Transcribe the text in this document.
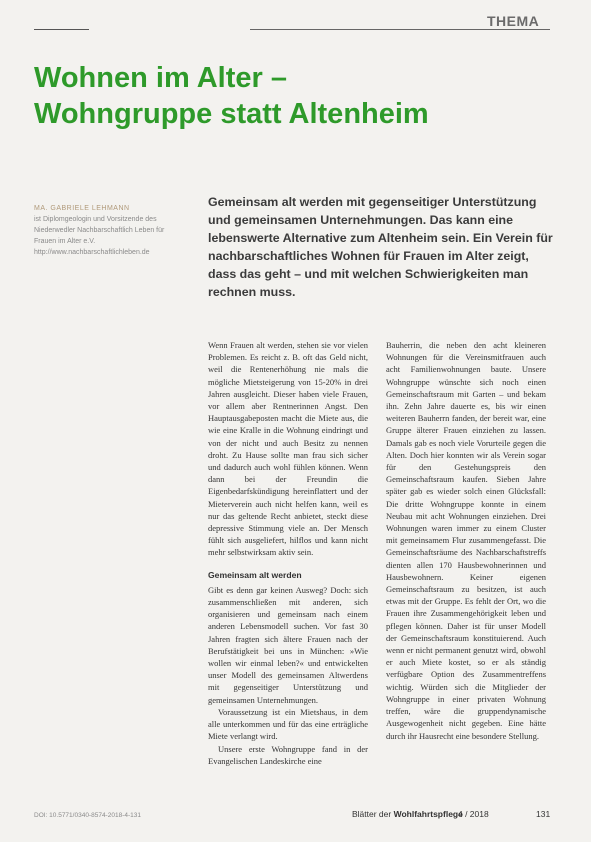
THEMA
Wohnen im Alter –
Wohngruppe statt Altenheim
MA. GABRIELE LEHMANN
ist Diplomgeologin und Vorsitzende des Niederwedler Nachbarschaftlich Leben für Frauen im Alter e.V.
http://www.nachbarschaftlichleben.de
Gemeinsam alt werden mit gegenseitiger Unterstützung und gemeinsamen Unternehmungen. Das kann eine lebenswerte Alternative zum Altenheim sein. Ein Verein für nachbarschaftliches Wohnen für Frauen im Alter zeigt, dass das geht – und mit welchen Schwierigkeiten man rechnen muss.

Wenn Frauen alt werden, stehen sie vor vielen Problemen. Es reicht z. B. oft das Geld nicht, weil die Rentenerhöhung nie mals die mögliche Mietsteigerung von 15-20% in drei Jahren ausgleicht. Dieser haben viele Frauen, vor allem aber Rentnerinnen Angst. Den Hauptausgabeposten macht die Miete aus, die wie eine Kralle in die Wohnung eindringt und von der nicht und auch Besitz zu nennen droht. Zu Hause sollte man frau sich sicher und dadurch auch wohl fühlen können. Wenn dann bei der Freundin die Eigenbedarfskündigung hereinflattert und der Mieterverein auch nicht helfen kann, weil es nur das geltende Recht anbietet, steckt diese depressive Stimmung viele an. Der Mensch fühlt sich ausgeliefert, hilflos und kann nicht mehr selbstwirksam aktiv sein.

Gemeinsam alt werden

Gibt es denn gar keinen Ausweg? Doch: sich zusammenschließen mit anderen, sich organisieren und gemeinsam nach einem anderen Lebensmodell suchen. Vor fast 30 Jahren fragten sich ältere Frauen nach der Berufstätigkeit bei uns in München: »Wie wollen wir einmal leben?« und entwickelten unser Modell des gemeinsamen Altwerdens mit gegenseitiger Unterstützung und gemeinsamen Unternehmungen.

Voraussetzung ist ein Mietshaus, in dem alle unterkommen und für das eine erträgliche Miete verlangt wird.

Unsere erste Wohngruppe fand in der Evangelischen Landeskirche eine

Bauherrin, die neben den acht kleineren Wohnungen für die Vereinsmitfrauen auch acht Familienwohnungen baute. Unsere Wohngruppe wünschte sich noch einen Gemeinschaftsraum mit Garten – und bekam ihn. Zehn Jahre dauerte es, bis wir einen weiteren Bauherrn fanden, der bereit war, eine Gruppe älterer Frauen einziehen zu lassen. Damals gab es noch viele Vorurteile gegen die Alten. Doch hier konnten wir als Verein sogar für den Gestehungspreis den Gemeinschaftsraum kaufen. Sieben Jahre später gab es wieder solch einen Glücksfall: Die dritte Wohngruppe konnte in einem Neubau mit acht Wohnungen einziehen. Drei Wohnungen waren immer zu einem Cluster mit gemeinsamem Flur zusammengefasst. Die Gemeinschaftsräume des Nachbarschaftstreffs dienten allen 170 Hausbewohnerinnen und Hausbewohnern. Keiner eigenen Gemeinschaftsraum zu besitzen, ist auch etwas mit der Gruppe. Es fehlt der Ort, wo die Frauen ihre Zusammengehörigkeit leben und pflegen können. Daher ist für unser Modell der Gemeinschaftsraum konstituierend. Auch wenn er nicht permanent genutzt wird, obwohl er auch Miete kostet, so er als ständig verfügbare Option des Zusammentreffens wichtig. Würden sich die Mitglieder der Wohngruppe in einer privaten Wohnung treffen, wäre die gruppendynamische Ausgewogenheit nicht gegeben. Eine hätte durch ihr Hausrecht eine besondere Stellung.

DOI: 10.5771/0340-8574-2018-4-131	Blätter der Wohlfahrtspflege
4 / 2018	131
